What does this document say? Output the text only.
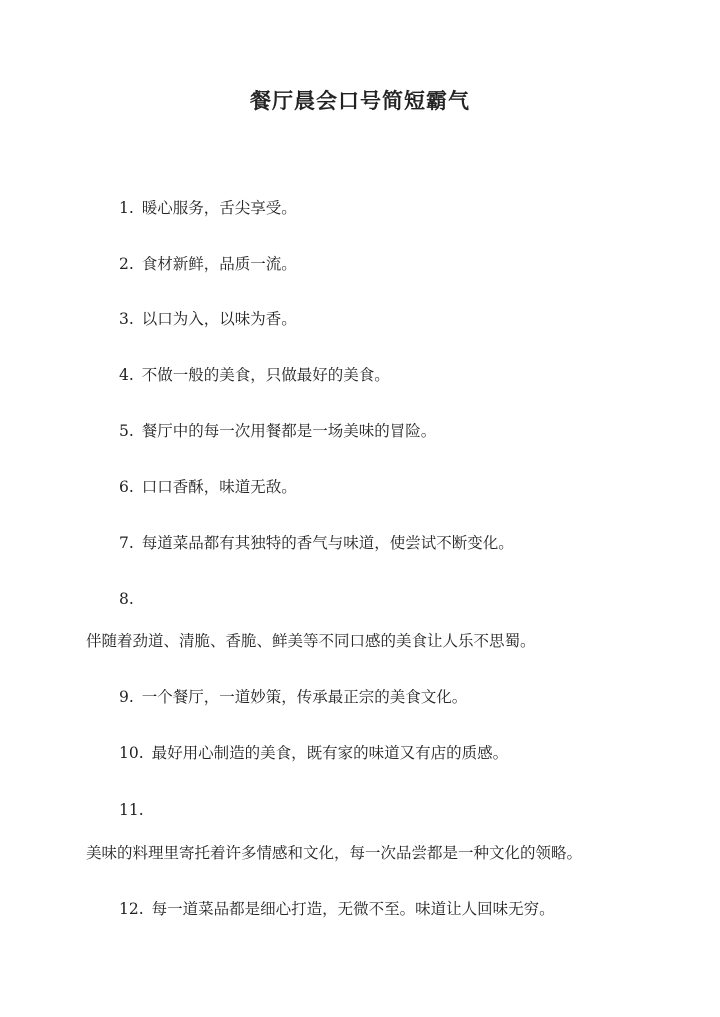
餐厅晨会口号简短霸气
1. 暖心服务，舌尖享受。
2. 食材新鲜，品质一流。
3. 以口为入，以味为香。
4. 不做一般的美食，只做最好的美食。
5. 餐厅中的每一次用餐都是一场美味的冒险。
6. 口口香酥，味道无敌。
7. 每道菜品都有其独特的香气与味道，使尝试不断变化。
8.
伴随着劲道、清脆、香脆、鲜美等不同口感的美食让人乐不思蜀。
9. 一个餐厅，一道妙策，传承最正宗的美食文化。
10. 最好用心制造的美食，既有家的味道又有店的质感。
11.
美味的料理里寄托着许多情感和文化，每一次品尝都是一种文化的领略。
12. 每一道菜品都是细心打造，无微不至。味道让人回味无穷。
